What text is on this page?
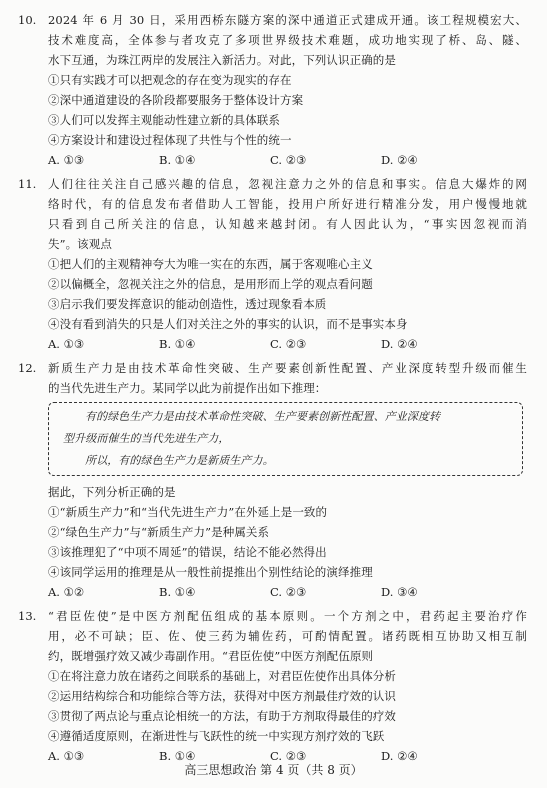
10.	2024 年 6 月 30 日，采用西桥东隧方案的深中通道正式建成开通。该工程规模宏大、
技术难度高，全体参与者攻克了多项世界级技术难题，成功地实现了桥、岛、隧、
水下互通，为珠江两岸的发展注入新活力。对此，下列认识正确的是
①只有实践才可以把观念的存在变为现实的存在
②深中通道建设的各阶段都要服务于整体设计方案
③人们可以发挥主观能动性建立新的具体联系
④方案设计和建设过程体现了共性与个性的统一
A. ①③	B. ①④	C. ②③	D. ②④
11.	人们往往关注自己感兴趣的信息，忽视注意力之外的信息和事实。信息大爆炸的网
络时代，有的信息发布者借助人工智能，投用户所好进行精准分发，用户慢慢地就
只看到自己所关注的信息，认知越来越封闭。有人因此认为，“事实因忽视而消
失”。该观点
①把人们的主观精神夸大为唯一实在的东西，属于客观唯心主义
②以偏概全，忽视关注之外的信息，是用形而上学的观点看问题
③启示我们要发挥意识的能动创造性，透过现象看本质
④没有看到消失的只是人们对关注之外的事实的认识，而不是事实本身
A. ①③	B. ①④	C. ②③	D. ②④
12.	新质生产力是由技术革命性突破、生产要素创新性配置、产业深度转型升级而催生
的当代先进生产力。某同学以此为前提作出如下推理：
有的绿色生产力是由技术革命性突破、生产要素创新性配置、产业深度转
型升级而催生的当代先进生产力，
所以，有的绿色生产力是新质生产力。
据此，下列分析正确的是
①“新质生产力”和“当代先进生产力”在外延上是一致的
②“绿色生产力”与“新质生产力”是种属关系
③该推理犯了“中项不周延”的错误，结论不能必然得出
④该同学运用的推理是从一般性前提推出个别性结论的演绎推理
A. ①②	B. ①④	C. ②③	D. ③④
13.	“君臣佐使”是中医方剂配伍组成的基本原则。一个方剂之中，君药起主要治疗作
用，必不可缺；臣、佐、使三药为辅佐药，可酌情配置。诸药既相互协助又相互制
约，既增强疗效又减少毒副作用。“君臣佐使”中医方剂配伍原则
①在将注意力放在诸药之间联系的基础上，对君臣佐使作出具体分析
②运用结构综合和功能综合等方法，获得对中医方剂最佳疗效的认识
③贯彻了两点论与重点论相统一的方法，有助于方剂取得最佳的疗效
④遵循适度原则，在渐进性与飞跃性的统一中实现方剂疗效的飞跃
A. ①③	B. ①④	C. ②③	D. ②④
高三思想政治 第 4 页（共 8 页）
